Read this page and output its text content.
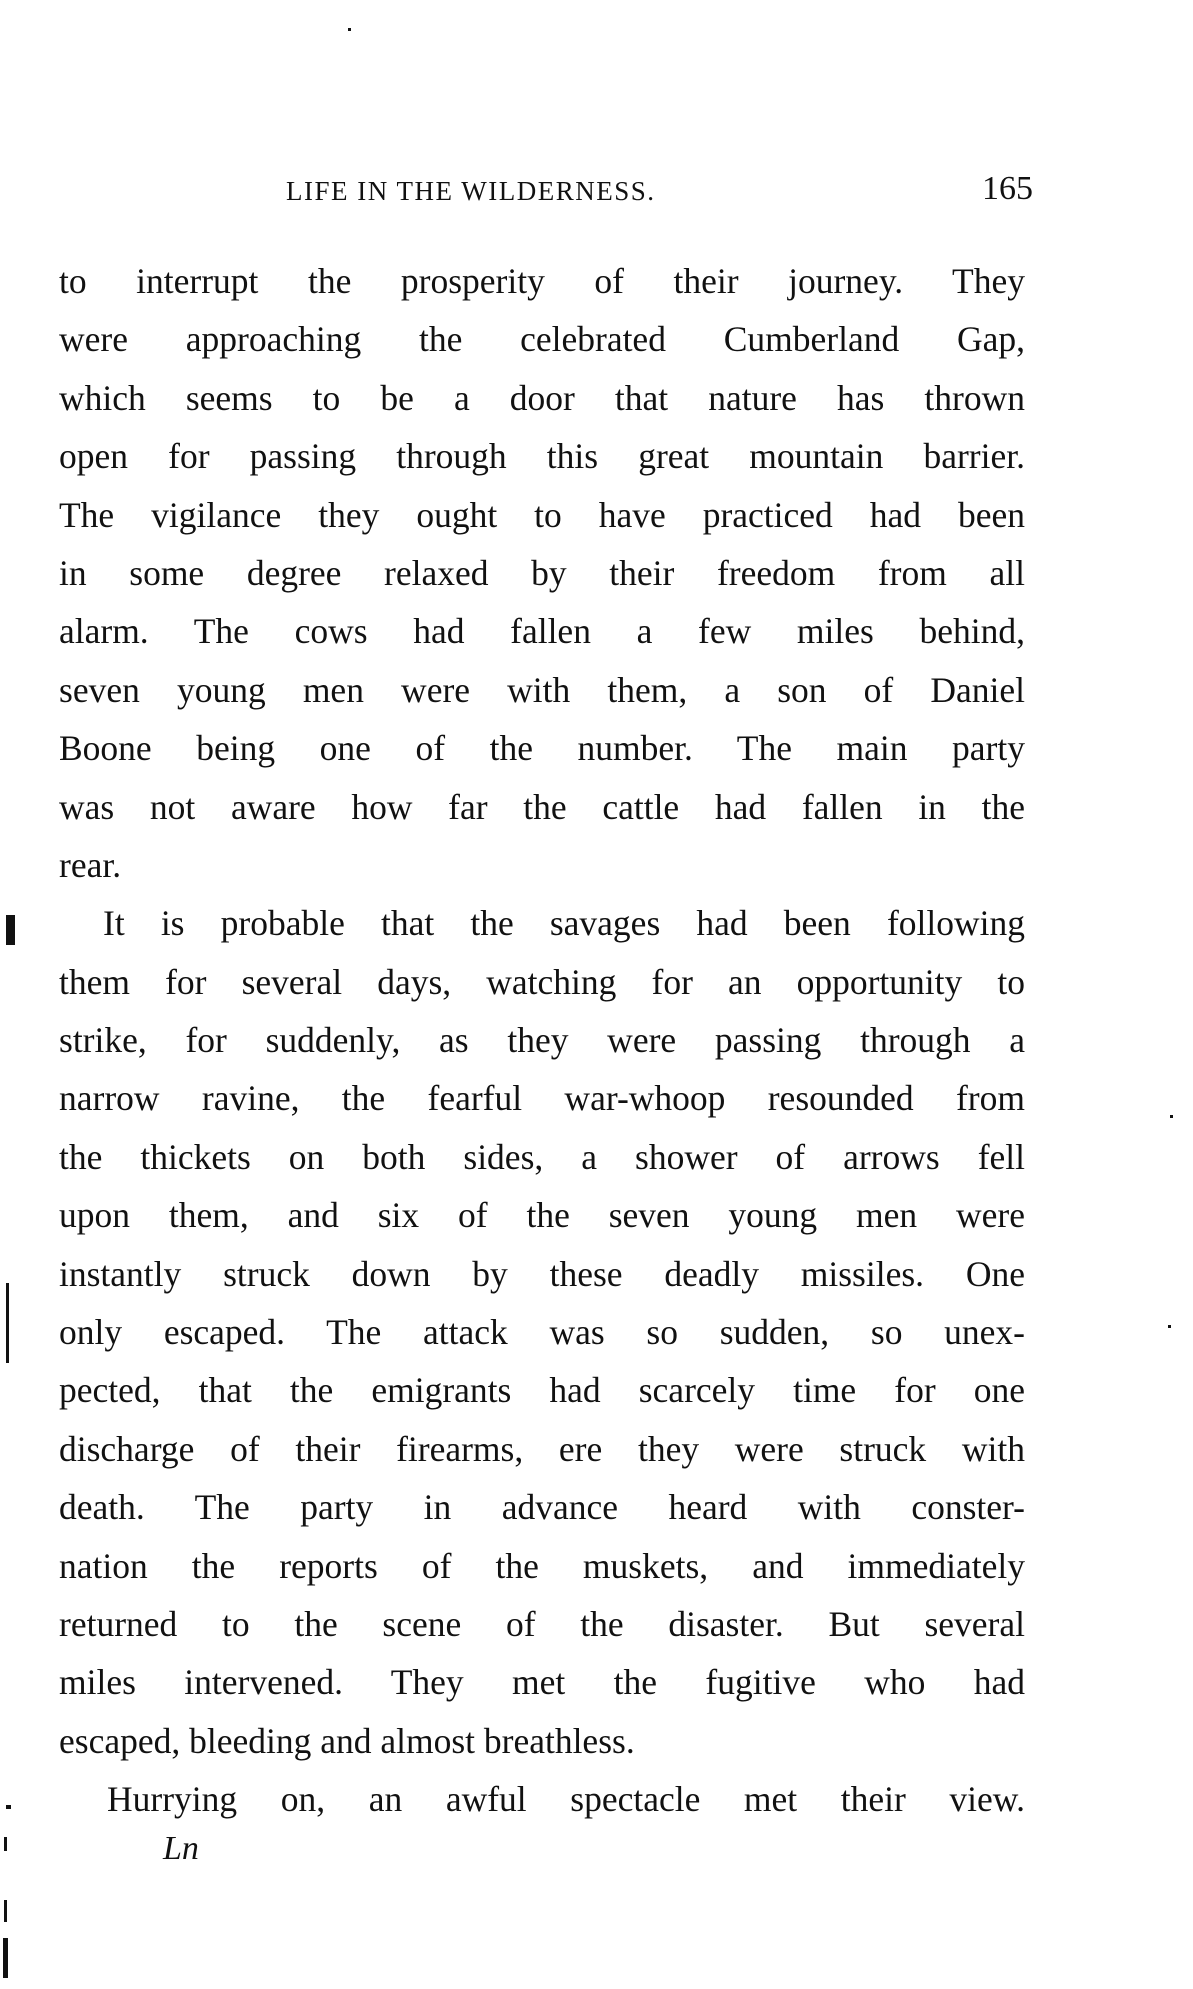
LIFE IN THE WILDERNESS.	165
to interrupt the prosperity of their journey. They
were approaching the celebrated Cumberland Gap,
which seems to be a door that nature has thrown
open for passing through this great mountain barrier.
The vigilance they ought to have practiced had been
in some degree relaxed by their freedom from all
alarm. The cows had fallen a few miles behind,
seven young men were with them, a son of Daniel
Boone being one of the number. The main party
was not aware how far the cattle had fallen in the
rear.
It is probable that the savages had been following
them for several days, watching for an opportunity to
strike, for suddenly, as they were passing through a
narrow ravine, the fearful war-whoop resounded from
the thickets on both sides, a shower of arrows fell
upon them, and six of the seven young men were
instantly struck down by these deadly missiles. One
only escaped. The attack was so sudden, so unex-
pected, that the emigrants had scarcely time for one
discharge of their firearms, ere they were struck with
death. The party in advance heard with conster-
nation the reports of the muskets, and immediately
returned to the scene of the disaster. But several
miles intervened. They met the fugitive who had
escaped, bleeding and almost breathless.
Hurrying on, an awful spectacle met their view.
Ln
